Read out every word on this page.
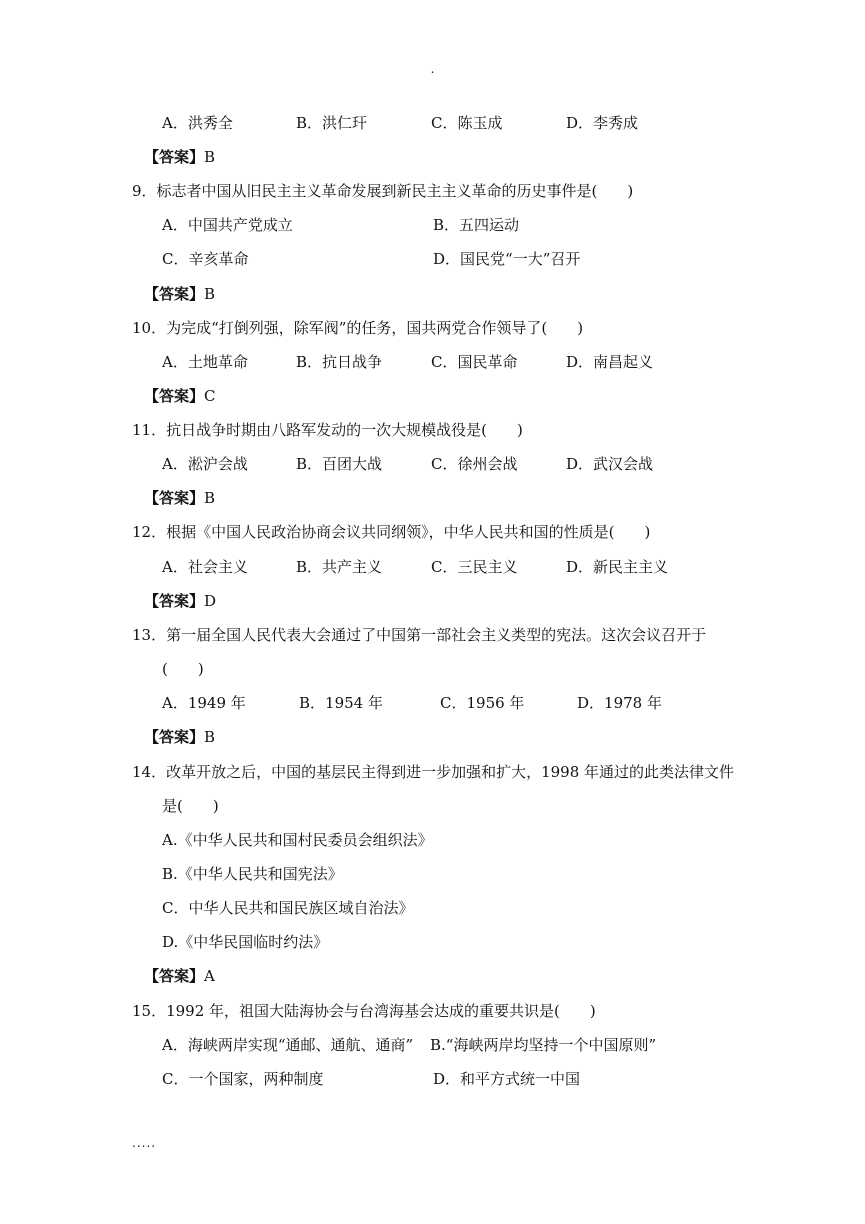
.
A．洪秀全	B．洪仁玕	C．陈玉成	D．李秀成
【答案】B
9．标志者中国从旧民主主义革命发展到新民主主义革命的历史事件是(　　)
A．中国共产党成立	B．五四运动
C．辛亥革命	D．国民党“一大”召开
【答案】B
10．为完成“打倒列强，除军阀”的任务，国共两党合作领导了(　　)
A．土地革命	B．抗日战争	C．国民革命	D．南昌起义
【答案】C
11．抗日战争时期由八路军发动的一次大规模战役是(　　)
A．淞沪会战	B．百团大战	C．徐州会战	D．武汉会战
【答案】B
12．根据《中国人民政治协商会议共同纲领》，中华人民共和国的性质是(　　)
A．社会主义	B．共产主义	C．三民主义	D．新民主主义
【答案】D
13．第一届全国人民代表大会通过了中国第一部社会主义类型的宪法。这次会议召开于
(　　)
A．1949 年	B．1954 年	C．1956 年	D．1978 年
【答案】B
14．改革开放之后，中国的基层民主得到进一步加强和扩大，1998 年通过的此类法律文件
是(　　)
A.《中华人民共和国村民委员会组织法》
B.《中华人民共和国宪法》
C．中华人民共和国民族区域自治法》
D.《中华民国临时约法》
【答案】A
15．1992 年，祖国大陆海协会与台湾海基会达成的重要共识是(　　)
A．海峡两岸实现“通邮、通航、通商” B.“海峡两岸均坚持一个中国原则”
C．一个国家，两种制度	D．和平方式统一中国
.....
